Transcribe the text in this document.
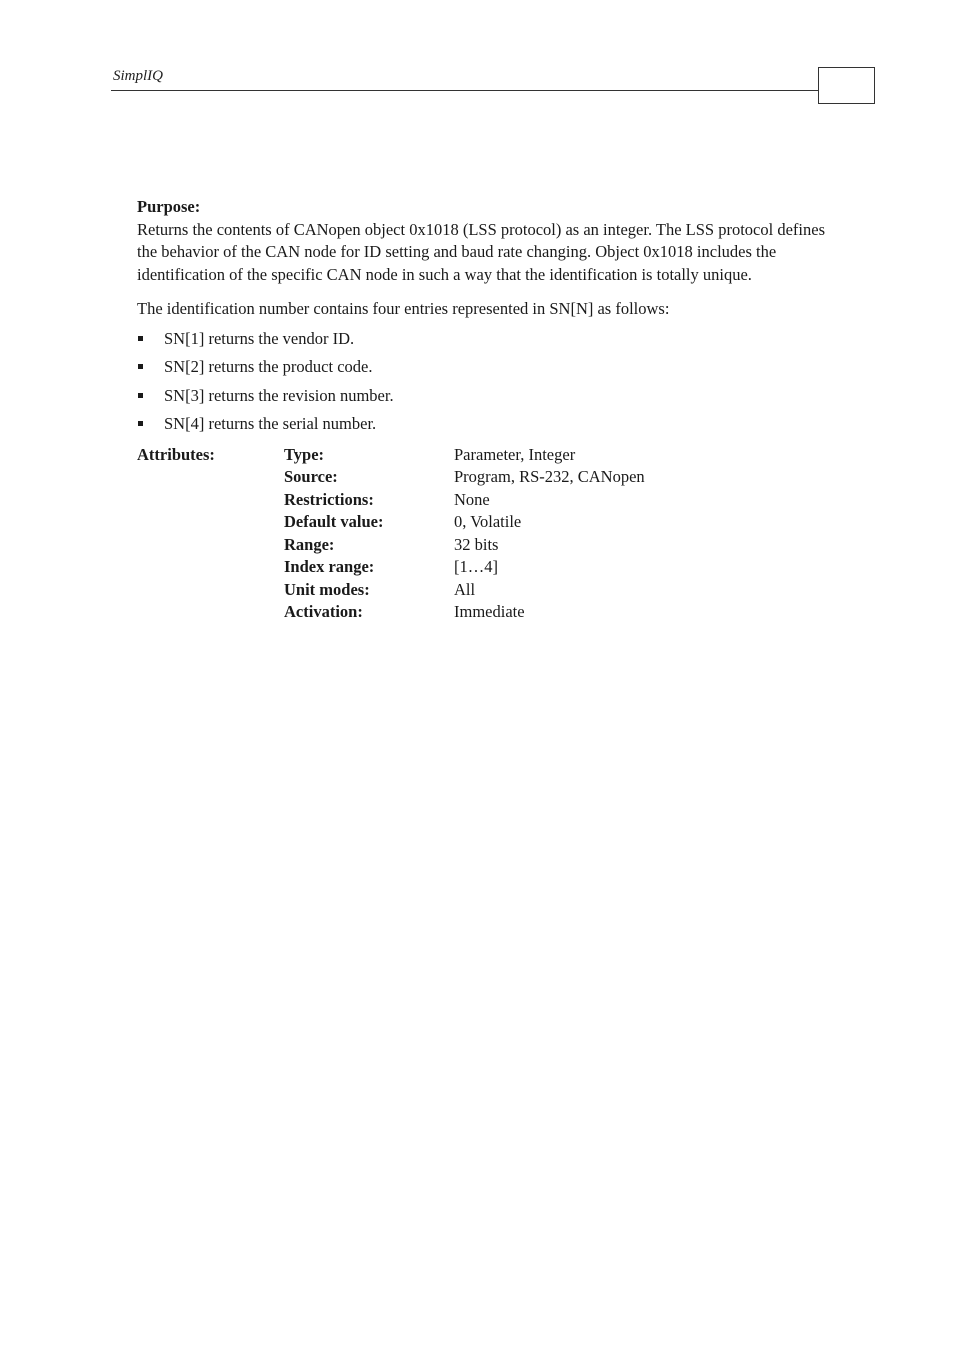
SimplIQ
Purpose:

Returns the contents of CANopen object 0x1018 (LSS protocol) as an integer. The LSS protocol defines the behavior of the CAN node for ID setting and baud rate changing. Object 0x1018 includes the identification of the specific CAN node in such a way that the identification is totally unique.

The identification number contains four entries represented in SN[N] as follows:

SN[1] returns the vendor ID.
SN[2] returns the product code.
SN[3] returns the revision number.
SN[4] returns the serial number.
Attributes:	Type:	Parameter, Integer
Source:	Program, RS-232, CANopen
Restrictions:	None
Default value:	0, Volatile
Range:	32 bits
Index range:	[1…4]
Unit modes:	All
Activation:	Immediate
